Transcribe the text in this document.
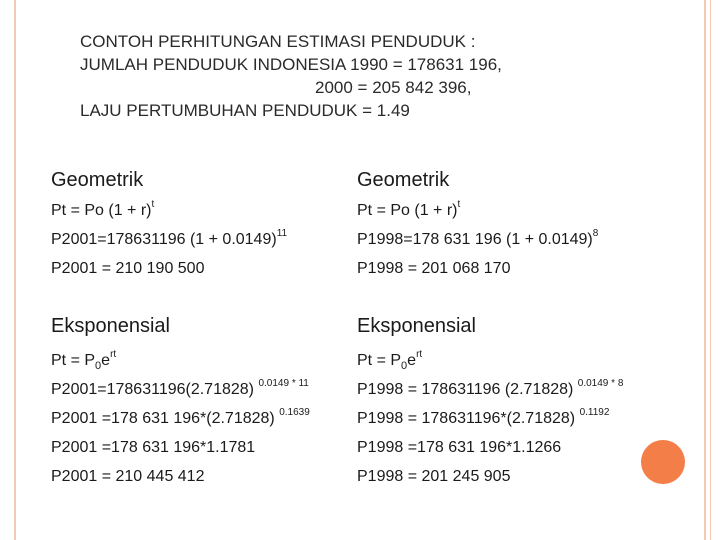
CONTOH PERHITUNGAN ESTIMASI PENDUDUK :
JUMLAH PENDUDUK INDONESIA 1990 = 178631 196,
2000 = 205 842 396,
LAJU PERTUMBUHAN PENDUDUK = 1.49
Geometrik
Pt = Po $(1 + r)^t$
P2001=178631196 $(1 + 0.0149)^{11}$
P2001 = 210 190 500
Eksponensial
$Pt = P_0e^{rt}$
P2001=178631196(2.71828) $^{0.0149 * 11}$
P2001 =178 631 196*(2.71828) $^{0.1639}$
P2001 =178 631 196*1.1781
P2001 = 210 445 412
Geometrik
Pt = Po $(1 + r)^t$
P1998=178 631 196 $(1 + 0.0149)^8$
P1998 = 201 068 170
Eksponensial
$Pt = P_0e^{rt}$
P1998 = 178631196 (2.71828) $^{0.0149 * 8}$
P1998 = 178631196*(2.71828) $^{0.1192}$
P1998 =178 631 196*1.1266
P1998 = 201 245 905
